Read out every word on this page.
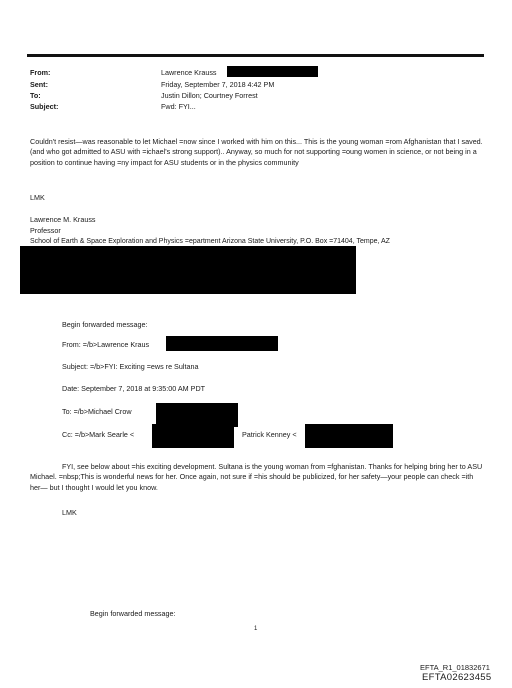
From:
Sent:
To:
Subject:
Lawrence Krauss
Friday, September 7, 2018 4:42 PM
Justin Dillon; Courtney Forrest
Fwd: FYI...
Couldn't resist—was reasonable to let Michael =now since I worked with him on this... This is the young woman =rom Afghanistan that I saved. (and who got admitted to ASU with =ichael's strong support).. Anyway, so much for not supporting =oung women in science, or not being in a position to continue having =ny impact for ASU students or in the physics community
LMK
Lawrence M. Krauss
Professor
School of Earth & Space Exploration and Physics =epartment Arizona State University, P.O. Box =71404, Tempe, AZ
Begin forwarded message:
From: =/b>Lawrence Kraus
Subject: =/b>FYI: Exciting =ews re Sultana
Date: September 7, 2018 at 9:35:00 AM PDT
To: =/b>Michael Crow
Cc: =/b>Mark Searle <	Patrick Kenney <
FYI, see below about =his exciting development. Sultana is the young woman from =fghanistan. Thanks for helping bring her to ASU Michael. =nbsp;This is wonderful news for her. Once again, not sure if =his should be publicized, for her safety—your people can check =ith her— but I thought I would let you know.
LMK
Begin forwarded message:
1
EFTA_R1_01832671
EFTA02623455
